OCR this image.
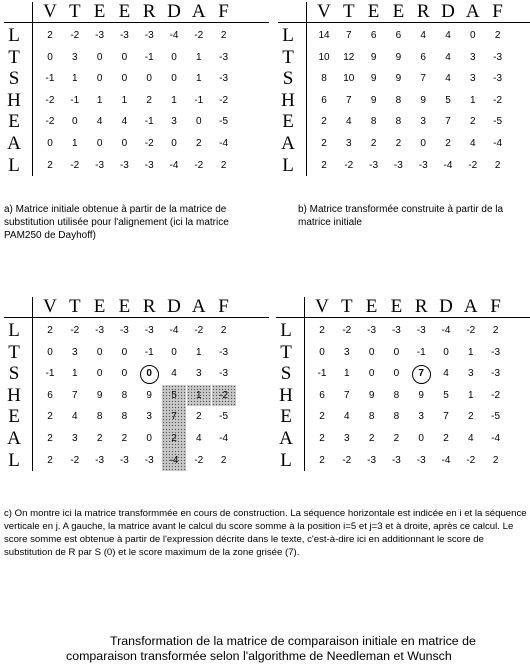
V T E E R D A F
L	2	-2	-3	-3	-3	-4	-2	2
T	0	3	0	0	-1	0	1	-3
S	-1	1	0	0	0	0	1	-3
H	-2	-1	1	1	2	1	-1	-2
E	-2	0	4	4	-1	3	0	-5
A	0	1	0	0	-2	0	2	-4
L	2	-2	-3	-3	-3	-4	-2	2
V T E E R D A F
L	14	7	6	6	4	4	0	2
T	10	12	9	9	6	4	3	-3
S	8	10	9	9	7	4	3	-3
H	6	7	9	8	9	5	1	-2
E	2	4	8	8	3	7	2	-5
A	2	3	2	2	0	2	4	-4
L	2	-2	-3	-3	-3	-4	-2	2
V T E E R D A F
L	2	-2	-3	-3	-3	-4	-2	2
T	0	3	0	0	-1	0	1	-3
S	-1	1	0	0	0	4	3	-3
H	6	7	9	8	9	5	1	-2
E	2	4	8	8	3	7	2	-5
A	2	3	2	2	0	2	4	-4
L	2	-2	-3	-3	-3	-4	-2	2
V T E E R D A F
L	2	-2	-3	-3	-3	-4	-2	2
T	0	3	0	0	-1	0	1	-3
S	-1	1	0	0	7	4	3	-3
H	6	7	9	8	9	5	1	-2
E	2	4	8	8	3	7	2	-5
A	2	3	2	2	0	2	4	-4
L	2	-2	-3	-3	-3	-4	-2	2

a) Matrice initiale obtenue à partir de la matrice de substitution utilisée pour l'alignement (ici la matrice PAM250 de Dayhoff)

b) Matrice transformée construite à partir de la matrice initiale

c) On montre ici la matrice transformmée en cours de construction. La séquence horizontale est indicée en i et la séquence verticale en j. A gauche, la matrice avant le calcul du score somme à la position i=5 et j=3 et à droite, après ce calcul. Le score somme est obtenue à partir de l'expression décrite dans le texte, c'est-à-dire ici en additionnant le score de substitution de R par S (0) et le score maximum de la zone grisée (7).

Transformation de la matrice de comparaison initiale en matrice de
comparaison transformée selon l'algorithme de Needleman et Wunsch
